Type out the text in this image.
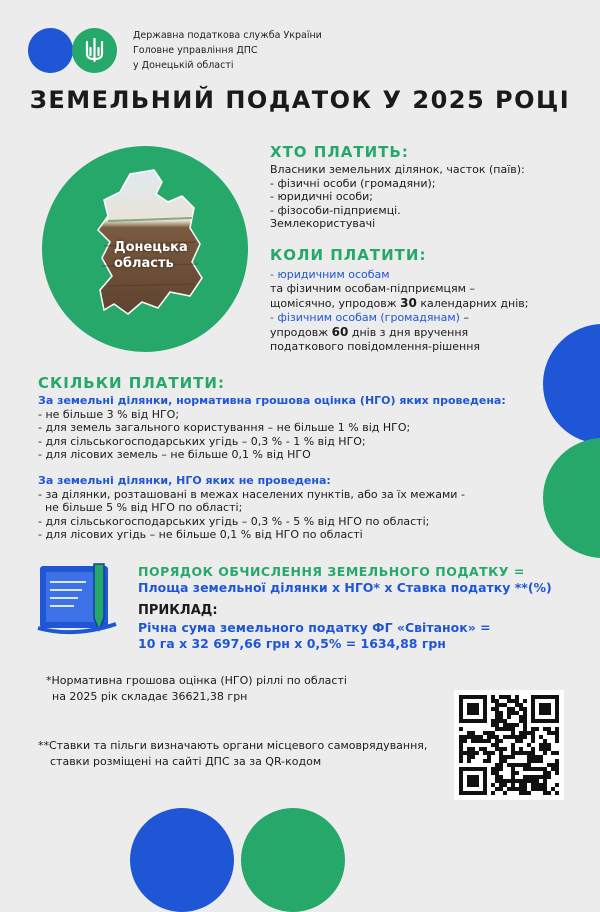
Державна податкова служба України
Головне управління ДПС
у Донецькій області
ЗЕМЕЛЬНИЙ ПОДАТОК У 2025 РОЦІ
Донецька
область
ХТО ПЛАТИТЬ:
Власники земельних ділянок, часток (паїв):
- фізичні особи (громадяни);
- юридичні особи;
- фізособи-підприємці.
Землекористувачі
КОЛИ ПЛАТИТИ:
- юридичним особам
та фізичним особам-підприємцям –
щомісячно, упродовж 30 календарних днів;
- фізичним особам (громадянам) –
упродовж 60 днів з дня вручення
податкового повідомлення-рішення
СКІЛЬКИ ПЛАТИТИ:
За земельні ділянки, нормативна грошова оцінка (НГО) яких проведена:
- не більше 3 % від НГО;
- для земель загального користування – не більше 1 % від НГО;
- для сільськогосподарських угідь – 0,3 % - 1 % від НГО;
- для лісових земель – не більше 0,1 % від НГО
За земельні ділянки, НГО яких не проведена:
- за ділянки, розташовані в межах населених пунктів, або за їх межами -
не більше 5 % від НГО по області;
- для сільськогосподарських угідь – 0,3 % - 5 % від НГО по області;
- для лісових угідь – не більше 0,1 % від НГО по області
ПОРЯДОК ОБЧИСЛЕННЯ ЗЕМЕЛЬНОГО ПОДАТКУ =
Площа земельної ділянки х НГО* х Ставка податку **(%)
ПРИКЛАД:
Річна сума земельного податку ФГ «Світанок» =
10 га х 32 697,66 грн х 0,5% = 1634,88 грн
*Нормативна грошова оцінка (НГО) ріллі по області
на 2025 рік складає 36621,38 грн
**Ставки та пільги визначають органи місцевого самоврядування,
ставки розміщені на сайті ДПС за за QR-кодом
